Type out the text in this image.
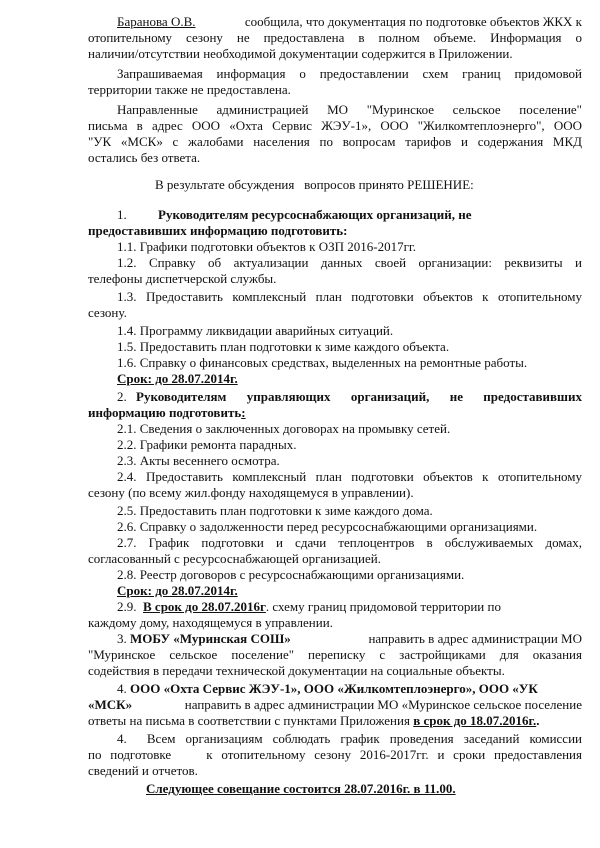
Баранова О.В.	сообщила, что документация по подготовке объектов ЖКХ к
отопительному сезону не предоставлена в полном объеме. Информация о
наличии/отсутствии необходимой документации содержится в Приложении.
Запрашиваемая информация о предоставлении схем границ придомовой
территории также не предоставлена.
Направленные администрацией МО "Муринское сельское поселение"
письма в адрес ООО «Охта Сервис ЖЭУ-1», ООО "Жилкомтеплоэнерго", ООО
"УК «МСК» с жалобами населения по вопросам тарифов и содержания МКД
остались без ответа.
В результате обсуждения   вопросов принято РЕШЕНИЕ:
1. Руководителям ресурсоснабжающих организаций, не
предоставивших информацию подготовить:
1.1. Графики подготовки объектов к ОЗП 2016-2017гг.
1.2. Справку об актуализации данных своей организации: реквизиты и
телефоны диспетчерской службы.
1.3. Предоставить комплексный план подготовки объектов к отопительному
сезону.
1.4. Программу ликвидации аварийных ситуаций.
1.5. Предоставить план подготовки к зиме каждого объекта.
1.6. Справку о финансовых средствах, выделенных на ремонтные работы.
Срок: до 28.07.2014г.
2. Руководителям управляющих организаций, не предоставивших
информацию подготовить:
2.1. Сведения о заключенных договорах на промывку сетей.
2.2. Графики ремонта парадных.
2.3. Акты весеннего осмотра.
2.4. Предоставить комплексный план подготовки объектов к отопительному
сезону (по всему жил.фонду находящемуся в управлении).
2.5. Предоставить план подготовки к зиме каждого дома.
2.6. Справку о задолженности перед ресурсоснабжающими организациями.
2.7. График подготовки и сдачи теплоцентров в обслуживаемых домах,
согласованный с ресурсоснабжающей организацией.
2.8. Реестр договоров с ресурсоснабжающими организациями.
Срок: до 28.07.2014г.
2.9. В срок до 28.07.2016г. схему границ придомовой территории по
каждому дому, находящемуся в управлении.
3. МОБУ «Муринская СОШ»	направить в адрес администрации МО
"Муринское сельское поселение" переписку с застройщиками для оказания
содействия в передачи технической документации на социальные объекты.
4. ООО «Охта Сервис ЖЭУ-1», ООО «Жилкомтеплоэнерго», ООО «УК
«МСК»	направить в адрес администрации МО «Муринское сельское поселение
ответы на письма в соответствии с пунктами Приложения в срок до 18.07.2016г..
4.  Всем организациям соблюдать график проведения заседаний комиссии
по подготовке    к отопительному сезону 2016-2017гг. и сроки предоставления
сведений и отчетов.
Следующее совещание состоится 28.07.2016г. в 11.00.
